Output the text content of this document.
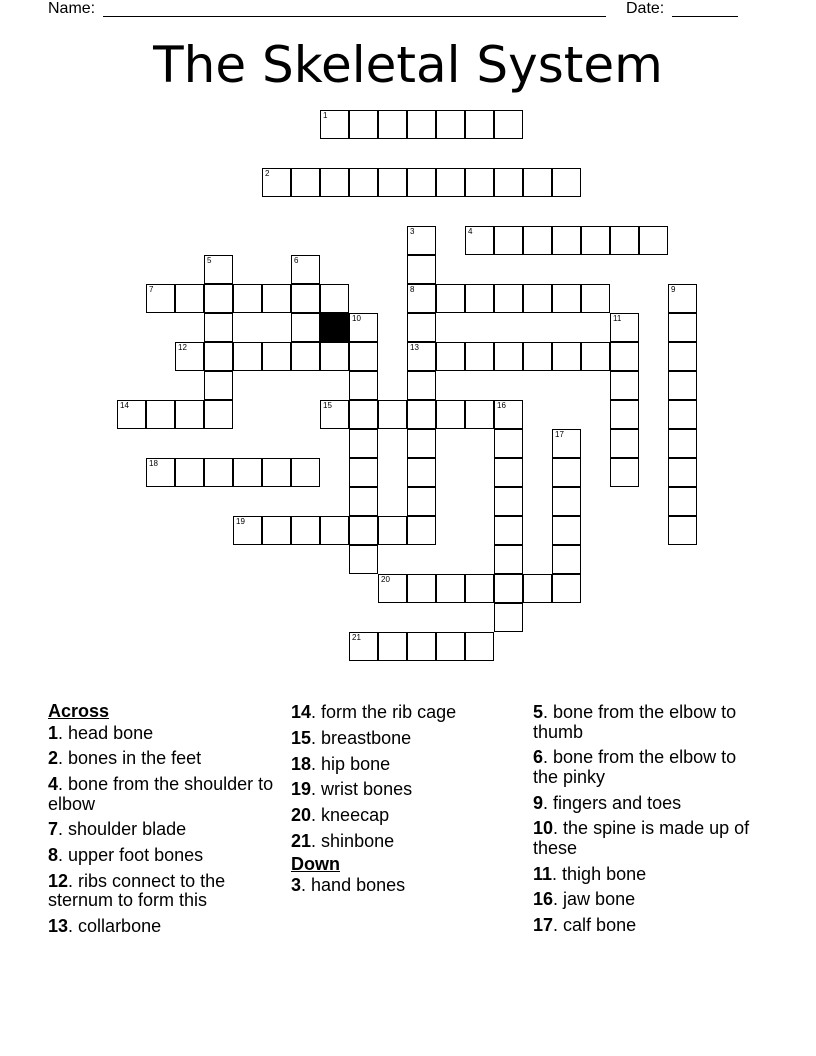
Name:	Date:
The Skeletal System
1
2
4
7	8
12	13
14	15	16
18
19
20
21
3
5	6
9
10	11
17
Across
1. head bone
2. bones in the feet
4. bone from the shoulder to elbow
7. shoulder blade
8. upper foot bones
12. ribs connect to the sternum to form this
13. collarbone
14. form the rib cage
15. breastbone
18. hip bone
19. wrist bones
20. kneecap
21. shinbone
Down
3. hand bones
5. bone from the elbow to thumb
6. bone from the elbow to the pinky
9. fingers and toes
10. the spine is made up of these
11. thigh bone
16. jaw bone
17. calf bone
